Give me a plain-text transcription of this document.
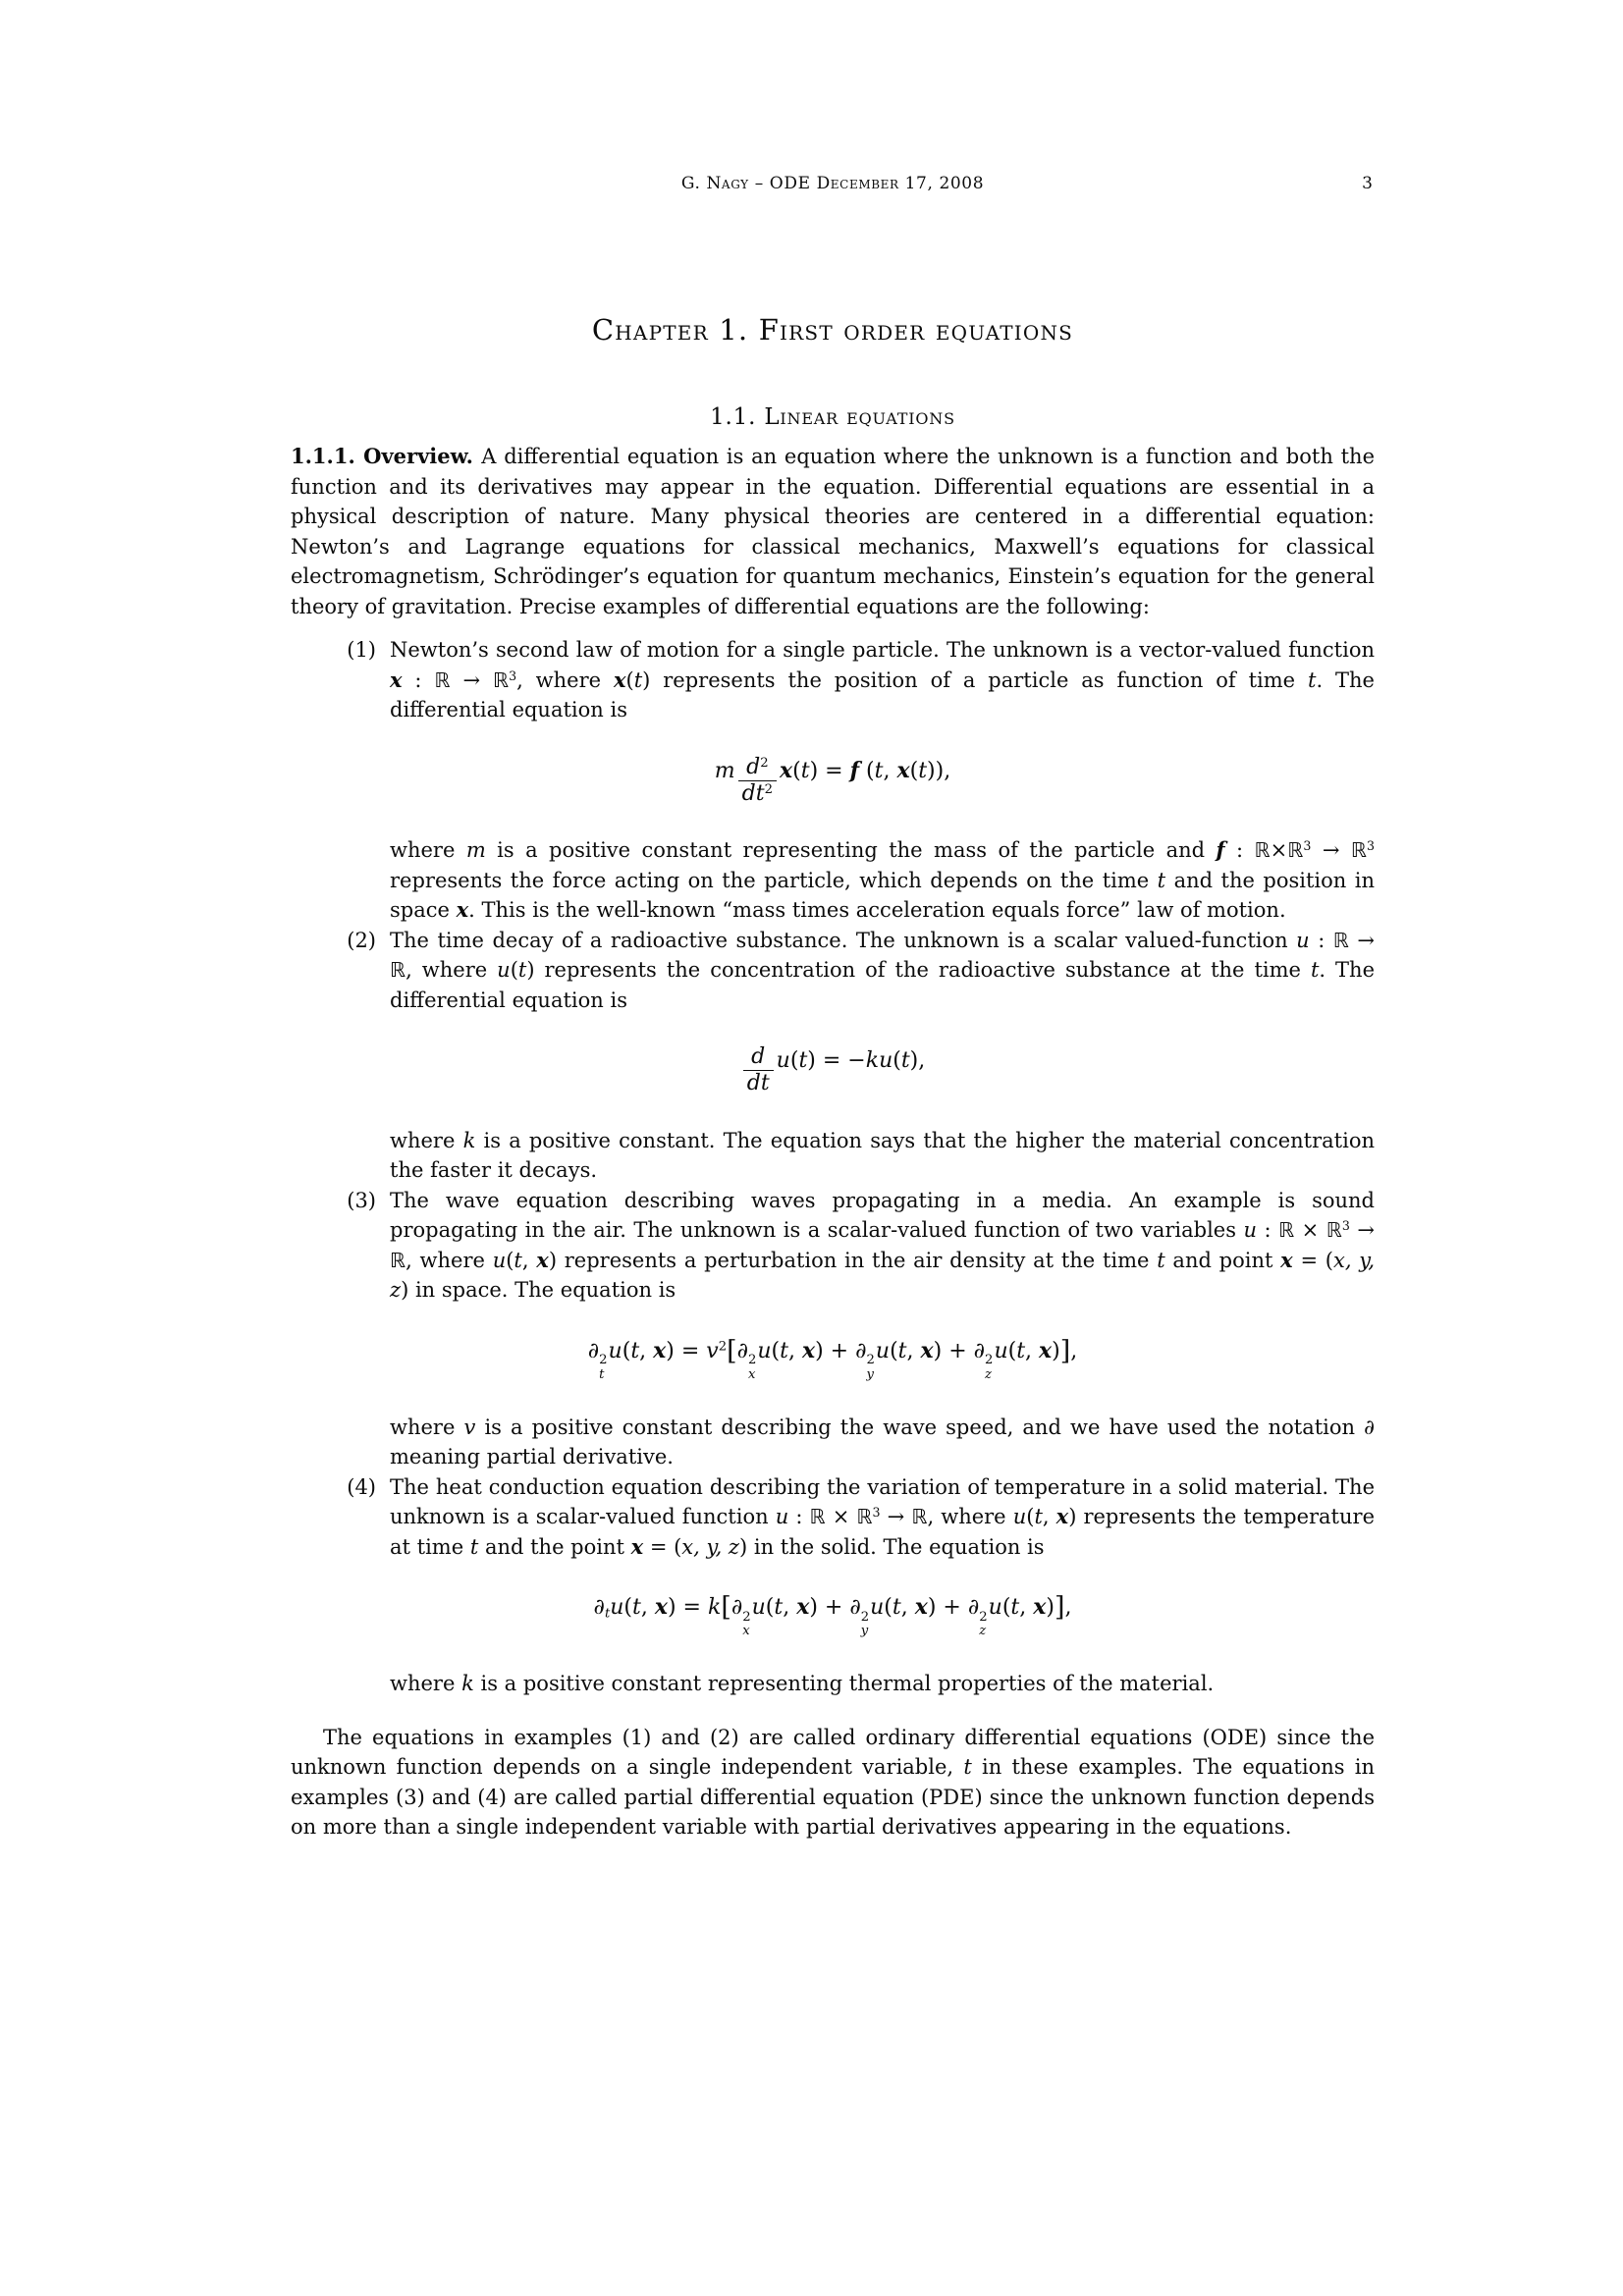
G. Nagy – ODE December 17, 2008	3
Chapter 1. First order equations
1.1. Linear equations

1.1.1. Overview. A differential equation is an equation where the unknown is a function and both the function and its derivatives may appear in the equation. Differential equations are essential in a physical description of nature. Many physical theories are centered in a differential equation: Newton’s and Lagrange equations for classical mechanics, Maxwell’s equations for classical electromagnetism, Schrödinger’s equation for quantum mechanics, Einstein’s equation for the general theory of gravitation. Precise examples of differential equations are the following:

(1) Newton’s second law of motion for a single particle. The unknown is a vector-valued function x : ℝ → ℝ$^3$, where x(t) represents the position of a particle as function of time t. The differential equation is
m $\frac{d^2}{dt^2} x(t) = f$ (t, x(t)),
where m is a positive constant representing the mass of the particle and f : ℝ×ℝ$^3$ → ℝ$^3$ represents the force acting on the particle, which depends on the time t and the position in space x. This is the well-known “mass times acceleration equals force” law of motion.
(2) The time decay of a radioactive substance. The unknown is a scalar valued-function u : ℝ → ℝ, where u(t) represents the concentration of the radioactive substance at the time t. The differential equation is
$\frac{d}{dt} u(t) = -ku(t)$,
where k is a positive constant. The equation says that the higher the material concentration the faster it decays.
(3) The wave equation describing waves propagating in a media. An example is sound propagating in the air. The unknown is a scalar-valued function of two variables u : ℝ × ℝ$^3$ → ℝ, where u(t, x) represents a perturbation in the air density at the time t and point x = (x, y, z) in space. The equation is
∂ 2
t
u(t, $x) = v^2[\partial$ 2
x
u(t, x) + ∂ 2
y
u(t, x) + ∂ 2
z
u(t, x)],
where v is a positive constant describing the wave speed, and we have used the notation ∂ meaning partial derivative.
(4) The heat conduction equation describing the variation of temperature in a solid material. The unknown is a scalar-valued function u : ℝ × ℝ$^3$ → ℝ, where u(t, x) represents the temperature at time t and the point x = (x, y, z) in the solid. The equation is
∂tu(t, x) = k[∂ 2
x
u(t, x) + ∂ 2
y
u(t, x) + ∂ 2
z
u(t, x)],
where k is a positive constant representing thermal properties of the material.

The equations in examples (1) and (2) are called ordinary differential equations (ODE) since the unknown function depends on a single independent variable, t in these examples. The equations in examples (3) and (4) are called partial differential equation (PDE) since the unknown function depends on more than a single independent variable with partial derivatives appearing in the equations.
